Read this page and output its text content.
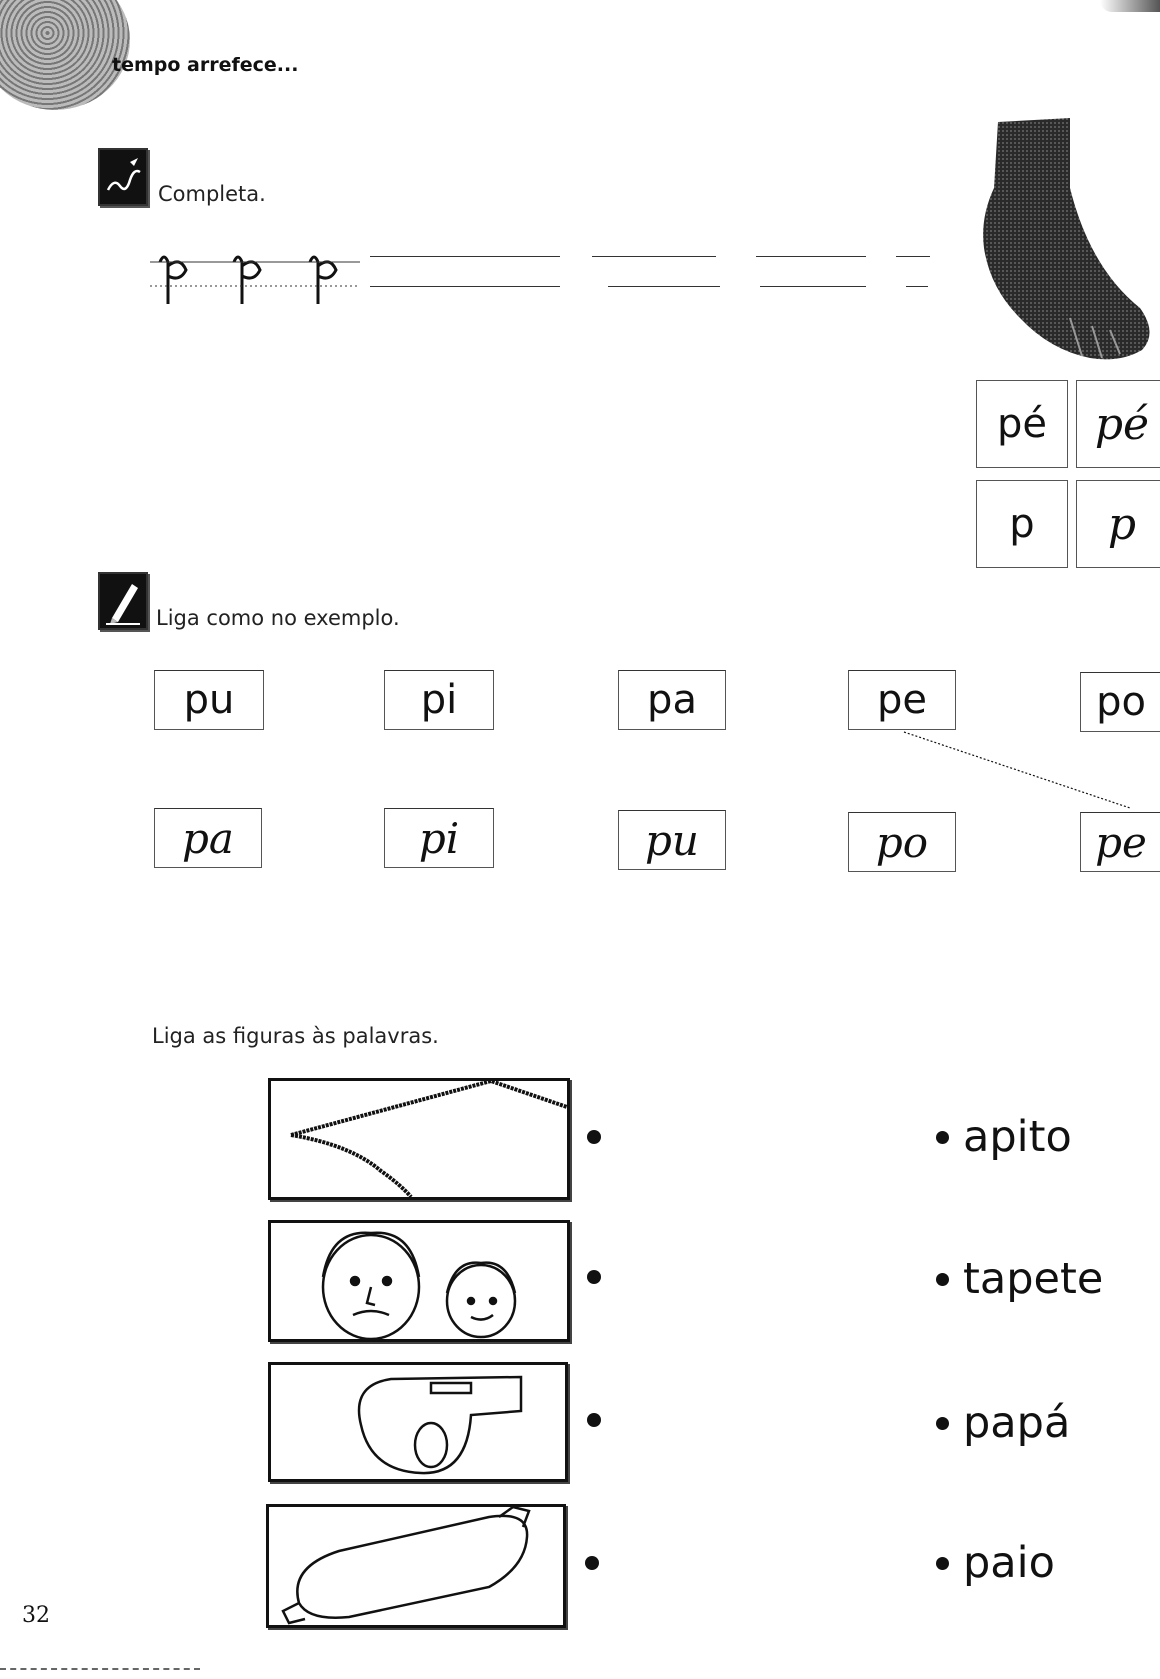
tempo arrefece...
Completa.
pé	pé
p	p
Liga como no exemplo.
pu	pi	pa	pe	po
pa	pi	pu	po	pe
Liga as figuras às palavras.
apito
tapete
papá
paio
32
